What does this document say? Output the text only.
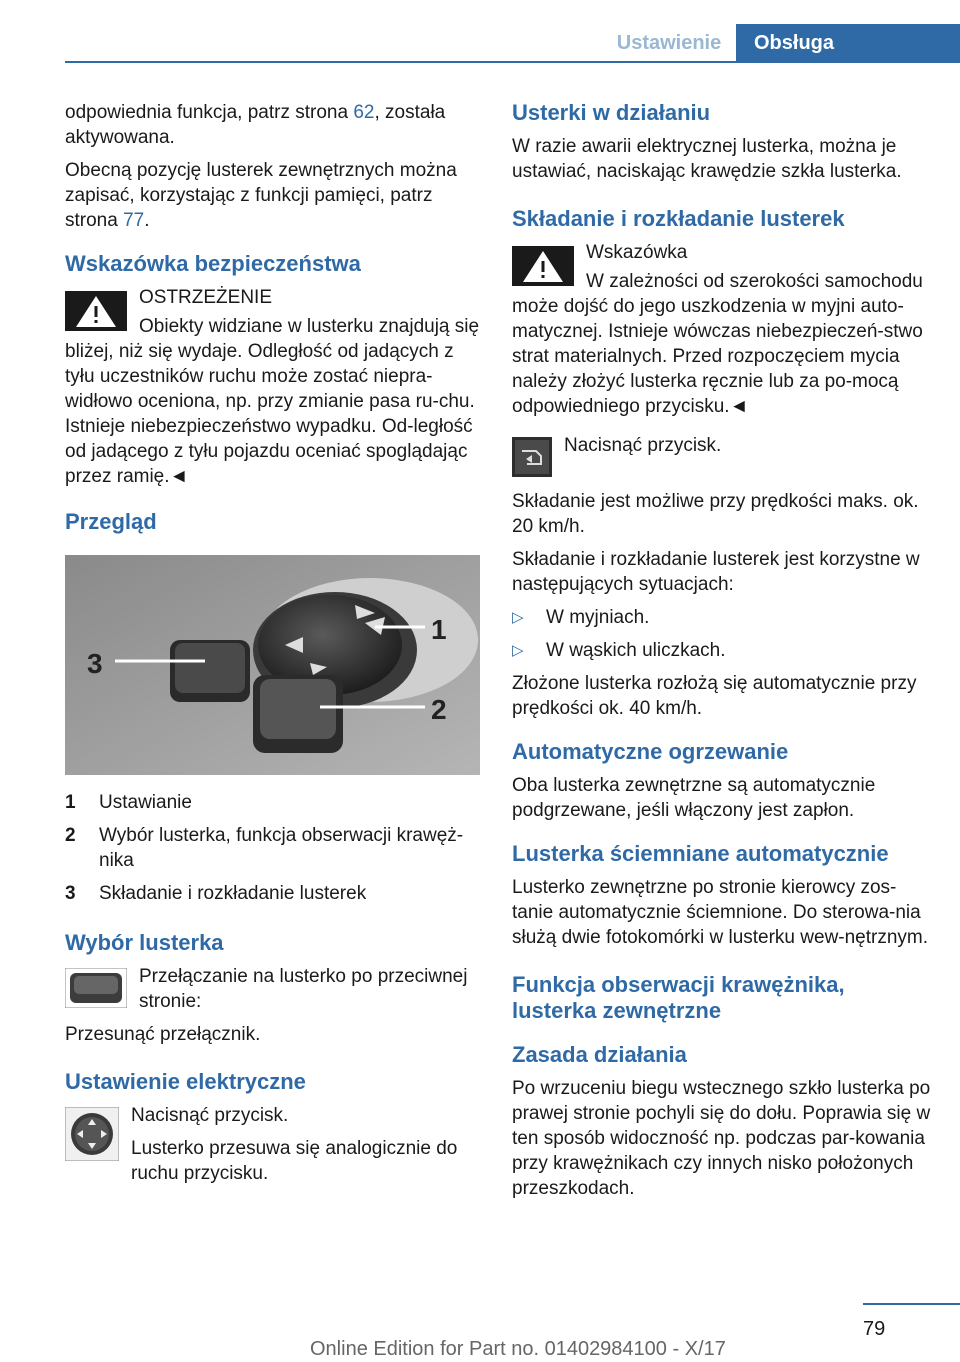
Ustawienie	Obsługa

odpowiednia funkcja, patrz strona 62, została aktywowana.

Obecną pozycję lusterek zewnętrznych można zapisać, korzystając z funkcji pamięci, patrz strona 77.

Wskazówka bezpieczeństwa

OSTRZEŻENIE

Obiekty widziane w lusterku znajdują się bliżej, niż się wydaje. Odległość od jadących z tyłu uczestników ruchu może zostać niepra-widłowo oceniona, np. przy zmianie pasa ru-chu. Istnieje niebezpieczeństwo wypadku. Od-ległość od jadącego z tyłu pojazdu oceniać spoglądając przez ramię.◄

Przegląd
1
2
3
1	Ustawianie
2	Wybór lusterka, funkcja obserwacji krawęż-nika
3	Składanie i rozkładanie lusterek
Wybór lusterka

Przełączanie na lusterko po przeciwnej stronie:

Przesunąć przełącznik.

Ustawienie elektryczne

Nacisnąć przycisk.

Lusterko przesuwa się analogicznie do ruchu przycisku.

Usterki w działaniu

W razie awarii elektrycznej lusterka, można je ustawiać, naciskając krawędzie szkła lusterka.

Składanie i rozkładanie lusterek

Wskazówka

W zależności od szerokości samochodu może dojść do jego uszkodzenia w myjni auto-matycznej. Istnieje wówczas niebezpieczeń-stwo strat materialnych. Przed rozpoczęciem mycia należy złożyć lusterka ręcznie lub za po-mocą odpowiedniego przycisku.◄

Nacisnąć przycisk.

Składanie jest możliwe przy prędkości maks. ok. 20 km/h.

Składanie i rozkładanie lusterek jest korzystne w następujących sytuacjach:

▷	W myjniach.
▷	W wąskich uliczkach.

Złożone lusterka rozłożą się automatycznie przy prędkości ok. 40 km/h.

Automatyczne ogrzewanie

Oba lusterka zewnętrzne są automatycznie podgrzewane, jeśli włączony jest zapłon.

Lusterka ściemniane automatycznie

Lusterko zewnętrzne po stronie kierowcy zos-tanie automatycznie ściemnione. Do sterowa-nia służą dwie fotokomórki w lusterku wew-nętrznym.

Funkcja obserwacji krawężnika, lusterka zewnętrzne
Zasada działania

Po wrzuceniu biegu wstecznego szkło lusterka po prawej stronie pochyli się do dołu. Poprawia się w ten sposób widoczność np. podczas par-kowania przy krawężnikach czy innych nisko położonych przeszkodach.

79
Online Edition for Part no. 01402984100 - X/17
